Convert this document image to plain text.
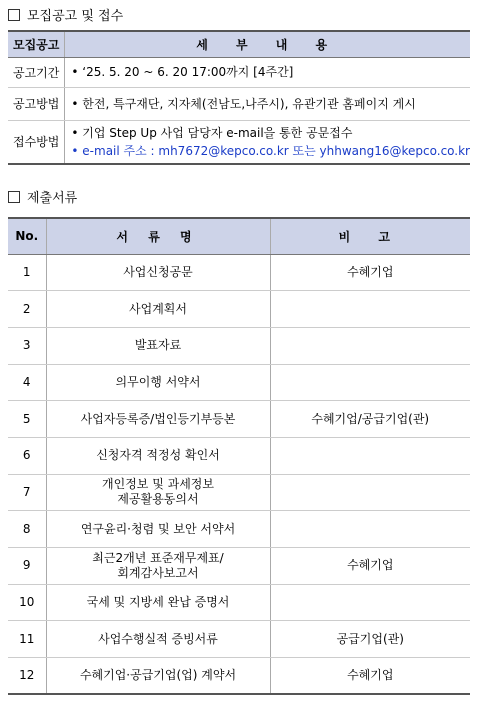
모집공고 및 접수
모집공고	세 부 내 용
공고기간	• ‘25. 5. 20 ~ 6. 20 17:00까지 [4주간]

공고방법	• 한전, 특구재단, 지자체(전남도,나주시), 유관기관 홈페이지 게시

접수방법	• 기업 Step Up 사업 담당자 e-mail을 통한 공문접수
• e-mail 주소 : mh7672@kepco.co.kr 또는 yhhwang16@kepco.co.kr
제출서류
No.	서 류 명	비 고
1	사업신청공문	수혜기업
2	사업계획서	
3	발표자료	
4	의무이행 서약서	
5	사업자등록증/법인등기부등본	수혜기업/공급기업(관)
6	신청자격 적정성 확인서	
7	개인정보 및 과세정보
제공활용동의서	
8	연구윤리·청렴 및 보안 서약서	
9	최근2개년 표준재무제표/
회계감사보고서	수혜기업
10	국세 및 지방세 완납 증명서	
11	사업수행실적 증빙서류	공급기업(관)
12	수혜기업·공급기업(업) 계약서	수혜기업
